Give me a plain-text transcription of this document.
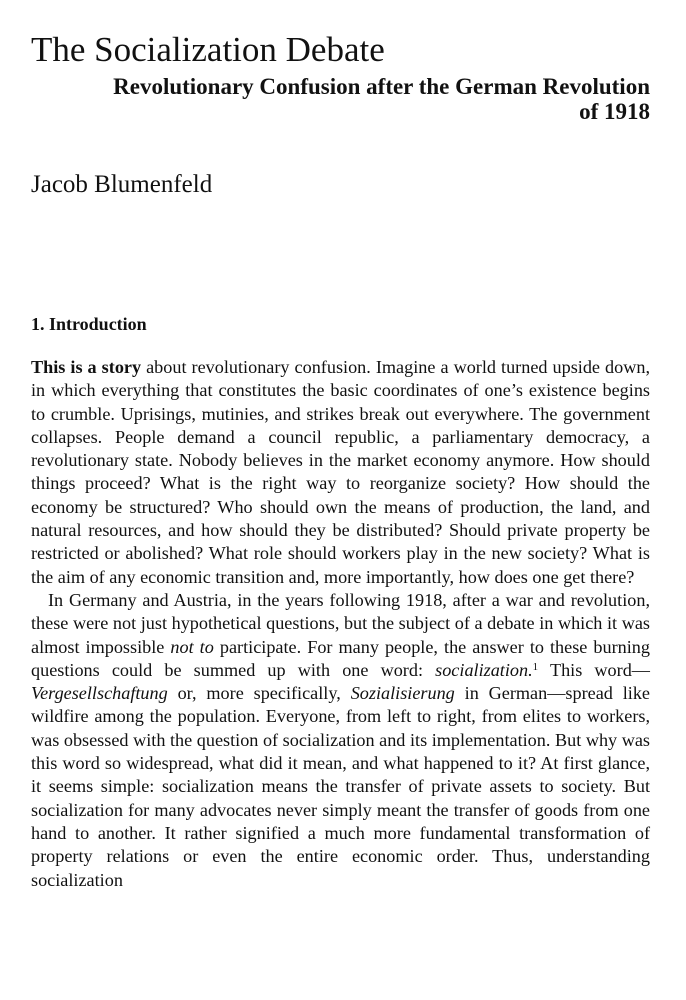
The Socialization Debate
Revolutionary Confusion after the German Revolution of 1918
Jacob Blumenfeld
1. Introduction

This is a story about revolutionary confusion. Imagine a world turned upside down, in which everything that constitutes the basic coordinates of one’s existence begins to crumble. Uprisings, mutinies, and strikes break out everywhere. The government collapses. People demand a council republic, a parliamentary democracy, a revolutionary state. Nobody believes in the market economy anymore. How should things proceed? What is the right way to reorganize society? How should the economy be structured? Who should own the means of production, the land, and natural resources, and how should they be distributed? Should private property be restricted or abolished? What role should workers play in the new society? What is the aim of any economic transition and, more importantly, how does one get there?

In Germany and Austria, in the years following 1918, after a war and revolution, these were not just hypothetical questions, but the subject of a debate in which it was almost impossible not to participate. For many people, the answer to these burning questions could be summed up with one word: socialization.$^1$ This word—Vergesellschaftung or, more specifically, Sozialisierung in German—spread like wildfire among the population. Everyone, from left to right, from elites to workers, was obsessed with the question of socialization and its implementation. But why was this word so widespread, what did it mean, and what happened to it? At first glance, it seems simple: socialization means the transfer of private assets to society. But socialization for many advocates never simply meant the transfer of goods from one hand to another. It rather signified a much more fundamental transformation of property relations or even the entire economic order. Thus, understanding socialization
